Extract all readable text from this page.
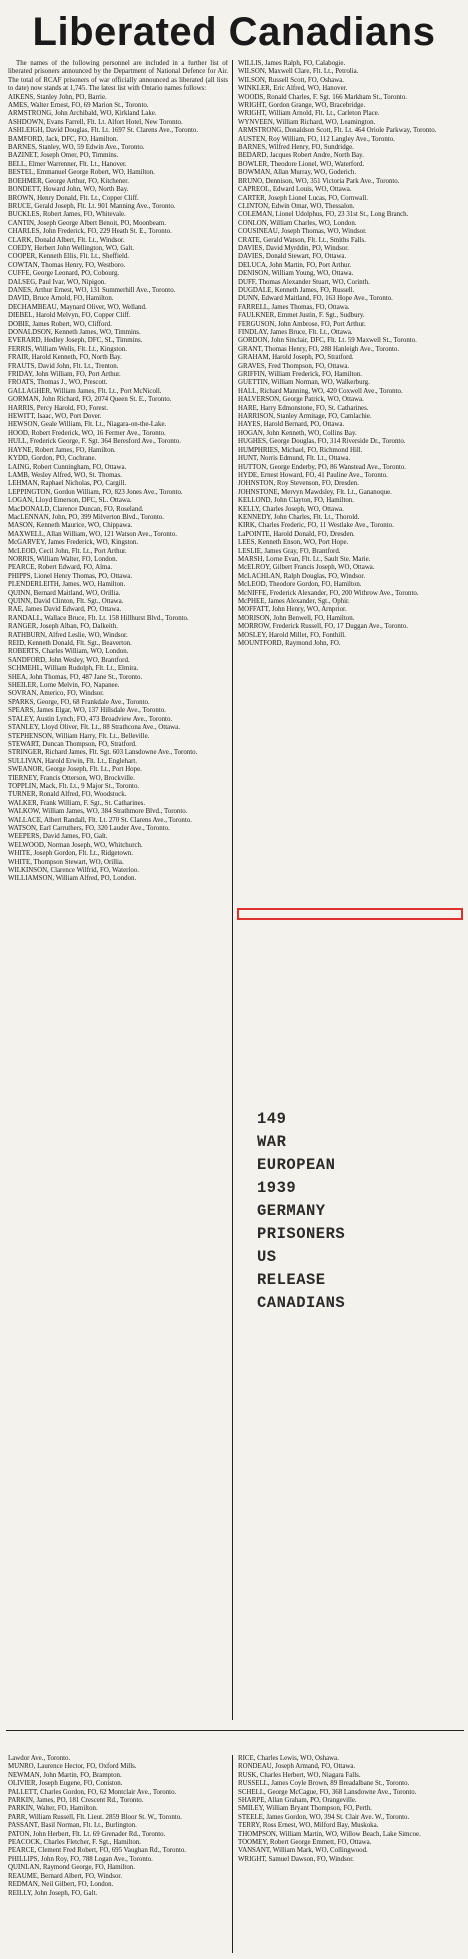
Liberated Canadians

The names of the following personnel are included in a further list of liberated prisoners announced by the Department of National Defence for Air. The total of RCAF prisoners of war officially announced as liberated (all lists to date) now stands at 1,745. The latest list with Ontario names follows:

AIKENS, Stanley John, PO, Barrie.

AMES, Walter Ernest, FO, 69 Marion St., Toronto.

ARMSTRONG, John Archibald, WO, Kirkland Lake.

ASHDOWN, Evans Farrell, Flt. Lt. Alfort Hotel, New Toronto.

ASHLEIGH, David Douglas, Flt. Lt. 1697 St. Clarens Ave., Toronto.

BAMFORD, Jack, DFC, FO, Hamilton.

BARNES, Stanley, WO, 59 Edwin Ave., Toronto.

BAZINET, Joseph Omer, PO, Timmins.

BELL, Elmer Warrenner, Flt. Lt., Hanover.

BESTEL, Emmanuel George Robert, WO, Hamilton.

BOEHMER, George Arthur, FO, Kitchener.

BONDETT, Howard John, WO, North Bay.

BROWN, Henry Donald, Flt. Lt., Copper Cliff.

BRUCE, Gerald Joseph, Flt. Lt. 901 Manning Ave., Toronto.

BUCKLES, Robert James, FO, Whitevale.

CANTIN, Joseph George Albert Benoit, PO, Moonbeam.

CHARLES, John Frederick, FO, 229 Heath St. E., Toronto.

CLARK, Donald Albert, Flt. Lt., Windsor.

COEDY, Herbert John Wellington, WO, Galt.

COOPER, Kenneth Ellis, Flt. Lt., Sheffield.

COWTAN, Thomas Henry, FO, Westboro.

CUFFE, George Leonard, PO, Cobourg.

DALSEG, Paul Ivar, WO, Nipigon.

DANES, Arthur Ernest, WO, 131 Summerhill Ave., Toronto.

DAVID, Bruce Arnold, FO, Hamilton.

DECHAMBEAU, Maynard Oliver, WO, Welland.

DIEBEL, Harold Melvyn, FO, Copper Cliff.

DOBIE, James Robert, WO, Clifford.

DONALDSON, Kenneth James, WO, Timmins.

EVERARD, Hedley Joseph, DFC, SL, Timmins.

FERRIS, William Wells, Flt. Lt., Kingston.

FRAIR, Harold Kenneth, FO, North Bay.

FRAUTS, David John, Flt. Lt., Trenton.

FRIDAY, John William, FO, Port Arthur.

FROATS, Thomas J., WO, Prescott.

GALLAGHER, William James, Flt. Lt., Port McNicoll.

GORMAN, John Richard, FO, 2074 Queen St. E., Toronto.

HARRIS, Percy Harold, FO, Forest.

HEWITT, Isaac, WO, Port Dover.

HEWSON, Geale William, Flt. Lt., Niagara-on-the-Lake.

HOOD, Robert Frederick, WO, 16 Fermer Ave., Toronto.

HULL, Frederick George, F. Sgt. 364 Beresford Ave., Toronto.

HAYNE, Robert James, FO, Hamilton.

KYDD, Gordon, PO, Cochrane.

LAING, Robert Cunningham, FO, Ottawa.

LAMB, Wesley Alfred, WO, St. Thomas.

LEHMAN, Raphael Nicholas, PO, Cargill.

LEPPINGTON, Gordon William, FO, 823 Jones Ave., Toronto.

LOGAN, Lloyd Emerson, DFC, SL. Ottawa.

MacDONALD, Clarence Duncan, FO, Roseland.

MacLENNAN, John, PO, 399 Milverton Blvd., Toronto.

MASON, Kenneth Maurice, WO, Chippawa.

MAXWELL, Allan William, WO, 121 Watson Ave., Toronto.

McGARVEY, James Frederick, WO, Kingston.

McLEOD, Cecil John, Flt. Lt., Port Arthur.

NORRIS, William Walter, FO, London.

PEARCE, Robert Edward, FO, Alma.

PHIPPS, Lionel Henry Thomas, PO, Ottawa.

PLENDERLEITH, James, WO, Hamilton.

QUINN, Bernard Maitland, WO, Orillia.

QUINN, David Clinton, Flt. Sgt., Ottawa.

RAE, James David Edward, PO, Ottawa.

RANDALL, Wallace Bruce, Flt. Lt. 158 Hillhurst Blvd., Toronto.

RANGER, Joseph Alban, FO, Dalkeith.

RATHBURN, Alfred Leslie, WO, Windsor.

REID, Kenneth Donald, Flt. Sgt., Beaverton.

ROBERTS, Charles William, WO, London.

SANDFORD, John Wesley, WO, Brantford.

SCHMEHL, William Rudolph, Flt. Lt., Elmira.

SHEA, John Thomas, FO, 487 Jane St., Toronto.

SHEILER, Lorne Melvin, FO, Napanee.

SOVRAN, Americo, FO, Windsor.

SPARKS, George, FO, 68 Frankdale Ave., Toronto.

SPEARS, James Elgar, WO, 137 Hillsdale Ave., Toronto.

STALEY, Austin Lynch, FO, 473 Broadview Ave., Toronto.

STANLEY, Lloyd Oliver, Flt. Lt., 88 Strathcona Ave., Ottawa.

STEPHENSON, William Harry, Flt. Lt., Belleville.

STEWART, Duncan Thompson, FO, Stratford.

STRINGER, Richard James, Flt. Sgt. 603 Lansdowne Ave., Toronto.

SULLIVAN, Harold Erwin, Flt. Lt., Englehart.

SWEANOR, George Joseph, Flt. Lt., Port Hope.

TIERNEY, Francis Otterson, WO, Brockville.

TOPPLIN, Mack, Flt. Lt., 9 Major St., Toronto.

TURNER, Ronald Alfred, FO, Woodstock.

WALKER, Frank William, F. Sgt., St. Catharines.

WALKOW, William James, WO, 384 Strathmore Blvd., Toronto.

WALLACE, Albert Randall, Flt. Lt. 270 St. Clarens Ave., Toronto.

WATSON, Earl Carruthers, FO, 320 Lauder Ave., Toronto.

WEEPERS, David James, FO, Galt.

WELWOOD, Norman Joseph, WO, Whitchurch.

WHITE, Joseph Gordon, Flt. Lt., Ridgetown.

WHITE, Thompson Stewart, WO, Orillia.

WILKINSON, Clarence Wilfrid, FO, Waterloo.

WILLIAMSON, William Alfred, PO, London.

WILLIS, James Ralph, FO, Calabogie.

WILSON, Maxwell Clare, Flt. Lt., Petrolia.

WILSON, Russell Scott, FO, Oshawa.

WINKLER, Eric Alfred, WO, Hanover.

WOODS, Ronald Charles, F. Sgt. 166 Markham St., Toronto.

WRIGHT, Gordon Grange, WO, Bracebridge.

WRIGHT, William Arnold, Flt. Lt., Carleton Place.

WYNVEEN, William Richard, WO, Leamington.

ARMSTRONG, Donaldson Scott, Flt. Lt. 464 Oriole Parkway, Toronto.

AUSTEN, Roy William, FO, 112 Langley Ave., Toronto.

BARNES, Wilfred Henry, FO, Sundridge.

BEDARD, Jacques Robert Andre, North Bay.

BOWLER, Theodore Lionel, WO, Waterford.

BOWMAN, Allan Murray, WO, Goderich.

BRUNO, Dennison, WO, 351 Victoria Park Ave., Toronto.

CAPREOL, Edward Louis, WO, Ottawa.

CARTER, Joseph Lionel Lucas, FO, Cornwall.

CLINTON, Edwin Omar, WO, Thessalon.

COLEMAN, Lionel Udolphus, FO, 23 31st St., Long Branch.

CONLON, William Charles, WO, London.

COUSINEAU, Joseph Thomas, WO, Windsor.

CRATE, Gerald Watson, Flt. Lt., Smiths Falls.

DAVIES, David Myrddin, PO, Windsor.

DAVIES, Donald Stewart, FO, Ottawa.

DELUCA, John Martin, FO, Port Arthur.

DENISON, William Young, WO, Ottawa.

DUFF, Thomas Alexander Stuart, WO, Corinth.

DUGDALE, Kenneth James, FO, Russell.

DUNN, Edward Maitland, FO, 163 Hope Ave., Toronto.

FARRELL, James Thomas, FO, Ottawa.

FAULKNER, Emmet Justin, F. Sgt., Sudbury.

FERGUSON, John Ambrose, FO, Port Arthur.

FINDLAY, James Bruce, Flt. Lt., Ottawa.

GORDON, John Sinclair, DFC, Flt. Lt. 59 Maxwell St., Toronto.

GRANT, Thomas Henry, FO, 288 Hanleigh Ave., Toronto.

GRAHAM, Harold Joseph, PO, Stratford.

GRAVES, Fred Thompson, FO, Ottawa.

GRIFFIN, William Frederick, FO, Hamilton.

GUETTIN, William Norman, WO, Walkerburg.

HALL, Richard Manning, WO, 420 Coxwell Ave., Toronto.

HALVERSON, George Patrick, WO, Ottawa.

HARE, Harry Edmonstone, FO, St. Catharines.

HARRISON, Stanley Armitage, FO, Camlachie.

HAYES, Harold Bernard, PO, Ottawa.

HOGAN, John Kenneth, WO, Collins Bay.

HUGHES, George Douglas, FO, 314 Riverside Dr., Toronto.

HUMPHRIES, Michael, FO, Richmond Hill.

HUNT, Norris Edmund, Flt. Lt., Ottawa.

HUTTON, George Enderby, PO, 86 Wanstead Ave., Toronto.

HYDE, Ernest Howard, FO, 41 Pauline Ave., Toronto.

JOHNSTON, Roy Stevenson, FO, Dresden.

JOHNSTONE, Mervyn Mawdsley, Flt. Lt., Gananoque.

KELLOND, John Clayton, FO, Hamilton.

KELLY, Charles Joseph, WO, Ottawa.

KENNEDY, John Charles, Flt. Lt., Thorold.

KIRK, Charles Frederic, FO, 11 Westlake Ave., Toronto.

LaPOINTE, Harold Donald, FO, Dresden.

LEES, Kenneth Enson, WO, Port Hope.

LESLIE, James Gray, FO, Brantford.

MARSH, Lorne Evan, Flt. Lt., Sault Ste. Marie.

McELROY, Gilbert Francis Joseph, WO, Ottawa.

McLACHLAN, Ralph Douglas, FO, Windsor.

McLEOD, Theodore Gordon, FO, Hamilton.

McNIFFE, Frederick Alexander, FO, 200 Withrow Ave., Toronto.

McPHEE, James Alexander, Sgt., Ophir.

MOFFATT, John Henry, WO, Arnprior.

MORISON, John Benwell, FO, Hamilton.

MORROW, Frederick Russell, FO, 17 Duggan Ave., Toronto.

MOSLEY, Harold Millet, FO, Fonthill.

MOUNTFORD, Raymond John, FO.

149
WAR
EUROPEAN
1939
GERMANY
PRISONERS
US
RELEASE
CANADIANS

Lawdor Ave., Toronto.

MUNRO, Laurence Hector, FO, Oxford Mills.

NEWMAN, John Martin, FO, Brampton.

OLIVIER, Joseph Eugene, FO, Coniston.

PALLETT, Charles Gordon, FO, 62 Montclair Ave., Toronto.

PARKIN, James, PO, 181 Crescent Rd., Toronto.

PARKIN, Walter, FO, Hamilton.

PARR, William Russell, Flt. Lieut. 2859 Bloor St. W., Toronto.

PASSANT, Basil Norman, Flt. Lt., Burlington.

PATON, John Herbert, Flt. Lt. 69 Grenader Rd., Toronto.

PEACOCK, Charles Fletcher, F. Sgt., Hamilton.

PEARCE, Clement Fred Robert, FO, 695 Vaughan Rd., Toronto.

PHILLIPS, John Roy, FO, 788 Logan Ave., Toronto.

QUINLAN, Raymond George, FO, Hamilton.

REAUME, Bernard Albert, FO, Windsor.

REDMAN, Neil Gilbert, FO, London.

REILLY, John Joseph, FO, Galt.

RICE, Charles Lewis, WO, Oshawa.

RONDEAU, Joseph Armand, FO, Ottawa.

RUSK, Charles Herbert, WO, Niagara Falls.

RUSSELL, James Coyle Brown, 89 Breadalbane St., Toronto.

SCHELL, George McCague, FO, 368 Lansdowne Ave., Toronto.

SHARPE, Allan Graham, PO, Orangeville.

SMILEY, William Bryant Thompson, FO, Perth.

STEELE, James Gordon, WO, 394 St. Clair Ave. W., Toronto.

TERRY, Ross Ernest, WO, Milford Bay, Muskoka.

THOMPSON, William Martin, WO, Willow Beach, Lake Simcoe.

TOOMEY, Robert George Emmett, FO, Ottawa.

VANSANT, William Mark, WO, Collingwood.

WRIGHT, Samuel Dawson, FO, Windsor.
